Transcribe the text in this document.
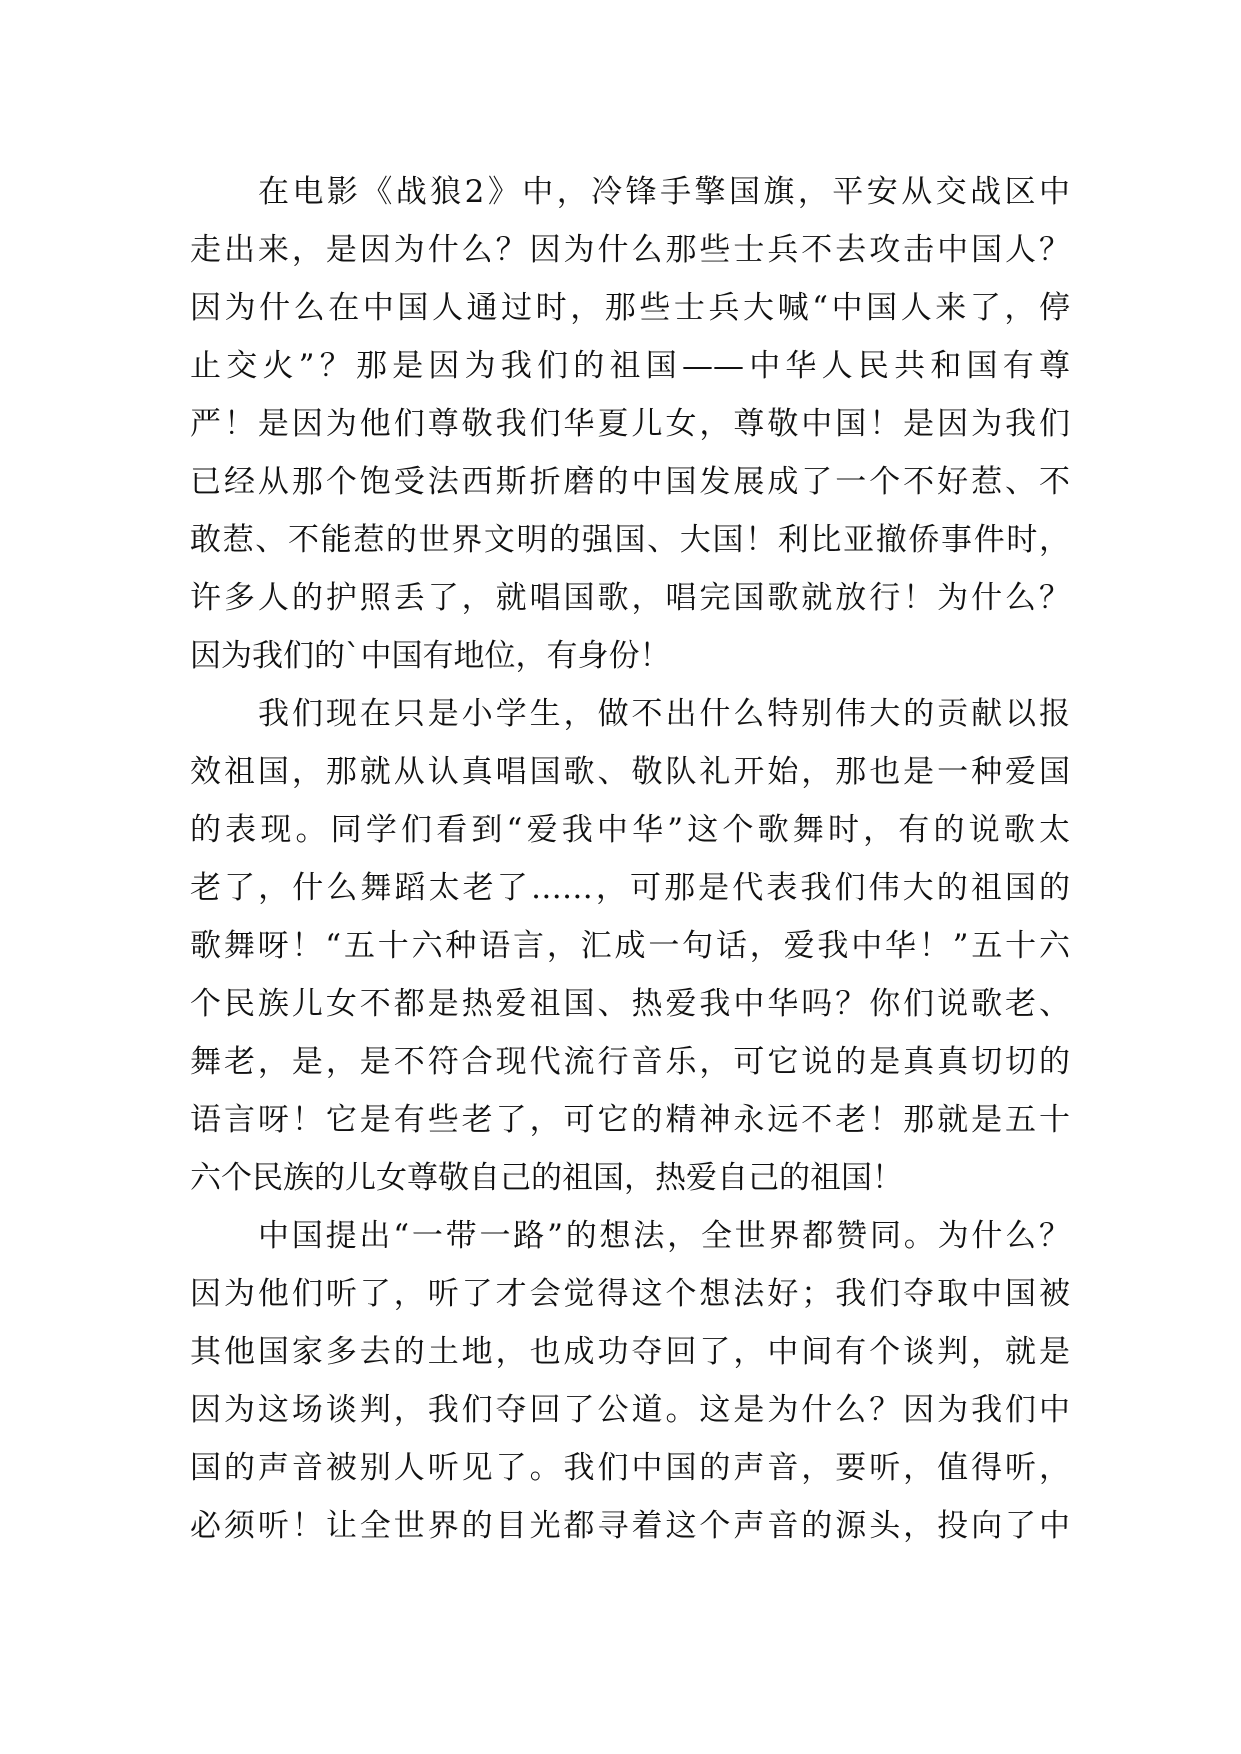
在电影《战狼2》中，冷锋手擎国旗，平安从交战区中
走出来，是因为什么？因为什么那些士兵不去攻击中国人？
因为什么在中国人通过时，那些士兵大喊“中国人来了，停
止交火”？那是因为我们的祖国——中华人民共和国有尊
严！是因为他们尊敬我们华夏儿女，尊敬中国！是因为我们
已经从那个饱受法西斯折磨的中国发展成了一个不好惹、不
敢惹、不能惹的世界文明的强国、大国！利比亚撤侨事件时，
许多人的护照丢了，就唱国歌，唱完国歌就放行！为什么？
因为我们的`中国有地位，有身份！
我们现在只是小学生，做不出什么特别伟大的贡献以报
效祖国，那就从认真唱国歌、敬队礼开始，那也是一种爱国
的表现。同学们看到“爱我中华”这个歌舞时，有的说歌太
老了，什么舞蹈太老了……，可那是代表我们伟大的祖国的
歌舞呀！“五十六种语言，汇成一句话，爱我中华！”五十六
个民族儿女不都是热爱祖国、热爱我中华吗？你们说歌老、
舞老，是，是不符合现代流行音乐，可它说的是真真切切的
语言呀！它是有些老了，可它的精神永远不老！那就是五十
六个民族的儿女尊敬自己的祖国，热爱自己的祖国！
中国提出“一带一路”的想法，全世界都赞同。为什么？
因为他们听了，听了才会觉得这个想法好；我们夺取中国被
其他国家多去的土地，也成功夺回了，中间有个谈判，就是
因为这场谈判，我们夺回了公道。这是为什么？因为我们中
国的声音被别人听见了。我们中国的声音，要听，值得听，
必须听！让全世界的目光都寻着这个声音的源头，投向了中
